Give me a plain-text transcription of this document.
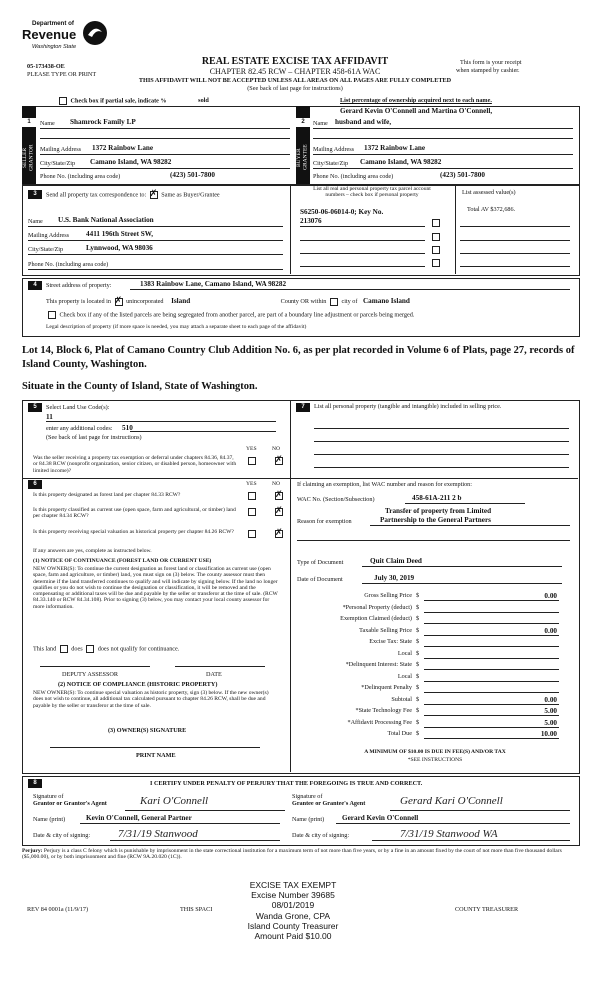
Department of
Revenue
Washington State
05-173438-OE
PLEASE TYPE OR PRINT
REAL ESTATE EXCISE TAX AFFIDAVIT
CHAPTER 82.45 RCW – CHAPTER 458-61A WAC
THIS AFFIDAVIT WILL NOT BE ACCEPTED UNLESS ALL AREAS ON ALL PAGES ARE FULLY COMPLETED
(See back of last page for instructions)
This form is your receipt
when stamped by cashier.
Check box if partial sale, indicate %	sold	List percentage of ownership acquired next to each name.
1
SELLER GRANTOR
Name Shamrock Family LP
Mailing Address 1372 Rainbow Lane
City/State/Zip Camano Island, WA 98282
Phone No. (including area code)	(423) 501-7800
2
BUYER GRANTEE
Gerard Kevin O'Connell and Martina O'Connell,
Name husband and wife,
Mailing Address 1372 Rainbow Lane
City/State/Zip Camano Island, WA 98282
Phone No. (including area code)	(423) 501-7800
3	Send all property tax correspondence to: ✗ Same as Buyer/Grantee
Name U.S. Bank National Association
Mailing Address 4411 196th Street SW,
City/State/Zip	Lynnwood, WA 98036
Phone No. (including area code)
List all real and personal property tax parcel account
numbers – check box if personal property
S6250-06-06014-0; Key No.
213076
List assessed value(s)
Total AV $372,686.
4	Street address of property:	1383 Rainbow Lane, Camano Island, WA 98282
This property is located in ✗ unincorporated Island	County OR within city of Camano Island
Check box if any of the listed parcels are being segregated from another parcel, are part of a boundary line adjustment or parcels being merged.
Legal description of property (if more space is needed, you may attach a separate sheet to each page of the affidavit)
Lot 14, Block 6, Plat of Camano Country Club Addition No. 6, as per plat recorded in Volume 6 of Plats, page 27, records of Island County, Washington.
Situate in the County of Island, State of Washington.
5	Select Land Use Code(s):
11
enter any additional codes: 510
(See back of last page for instructions)
YES	NO
Was the seller receiving a property tax exemption or deferral under chapters 84.36, 84.37, or 84.38 RCW (nonprofit organization, senior citizen, or disabled person, homeowner with limited income)?
✗
6	YES	NO
Is this property designated as forest land per chapter 84.33 RCW?	✗
Is this property classified as current use (open space, farm and agricultural, or timber) land per chapter 84.34 RCW?
✗
Is this property receiving special valuation as historical property per chapter 84.26 RCW?	✗
If any answers are yes, complete as instructed below.
(1) NOTICE OF CONTINUANCE (FOREST LAND OR CURRENT USE)
NEW OWNER(S): To continue the current designation as forest land or classification as current use (open space, farm and agriculture, or timber) land, you must sign on (3) below. The county assessor must then determine if the land transferred continues to qualify and will indicate by signing below. If the land no longer qualifies or you do not wish to continue the designation or classification, it will be removed and the compensating or additional taxes will be due and payable by the seller or transferor at the time of sale. (RCW 84.33.140 or RCW 84.34.108). Prior to signing (3) below, you may contact your local county assessor for more information.
This land does does not qualify for continuance.
DEPUTY ASSESSOR	DATE
(2) NOTICE OF COMPLIANCE (HISTORIC PROPERTY)
NEW OWNER(S): To continue special valuation as historic property, sign (3) below. If the new owner(s) does not wish to continue, all additional tax calculated pursuant to chapter 84.26 RCW, shall be due and payable by the seller or transferor at the time of sale.
(3) OWNER(S) SIGNATURE
PRINT NAME
7	List all personal property (tangible and intangible) included in selling price.
If claiming an exemption, list WAC number and reason for exemption:
WAC No. (Section/Subsection)	458-61A-211 2 b
Transfer of property from Limited
Reason for exemption	Partnership to the General Partners
Type of Document	Quit Claim Deed
Date of Document	July 30, 2019
Gross Selling Price $	0.00
*Personal Property (deduct) $
Exemption Claimed (deduct) $
Taxable Selling Price $	0.00
Excise Tax: State $
Local $
*Delinquent Interest: State $
Local $
*Delinquent Penalty $
Subtotal $	0.00
*State Technology Fee $	5.00
*Affidavit Processing Fee $	5.00
Total Due $	10.00
A MINIMUM OF $10.00 IS DUE IN FEE(S) AND/OR TAX
*SEE INSTRUCTIONS
8	I CERTIFY UNDER PENALTY OF PERJURY THAT THE FOREGOING IS TRUE AND CORRECT.
Signature of
Grantor or Grantor's Agent	Kari O'Connell	Signature of
Grantee or Grantee's Agent	Gerard Kari O'Connell
Name (print)	Kevin O'Connell, General Partner	Name (print) Gerard Kevin O'Connell
Date & city of signing:	7/31/19 Stanwood	Date & city of signing:	7/31/19 Stanwood WA
Perjury: Perjury is a class C felony which is punishable by imprisonment in the state correctional institution for a maximum term of not more than five years, or by a fine in an amount fixed by the court of not more than five thousand dollars ($5,000.00), or by both imprisonment and fine (RCW 9A.20.020 (1C)).
REV 84 0001a (11/9/17)	THIS SPACI	COUNTY TREASURER
EXCISE TAX EXEMPT
Excise Number 39685
08/01/2019
Wanda Grone, CPA
Island County Treasurer
Amount Paid $10.00
